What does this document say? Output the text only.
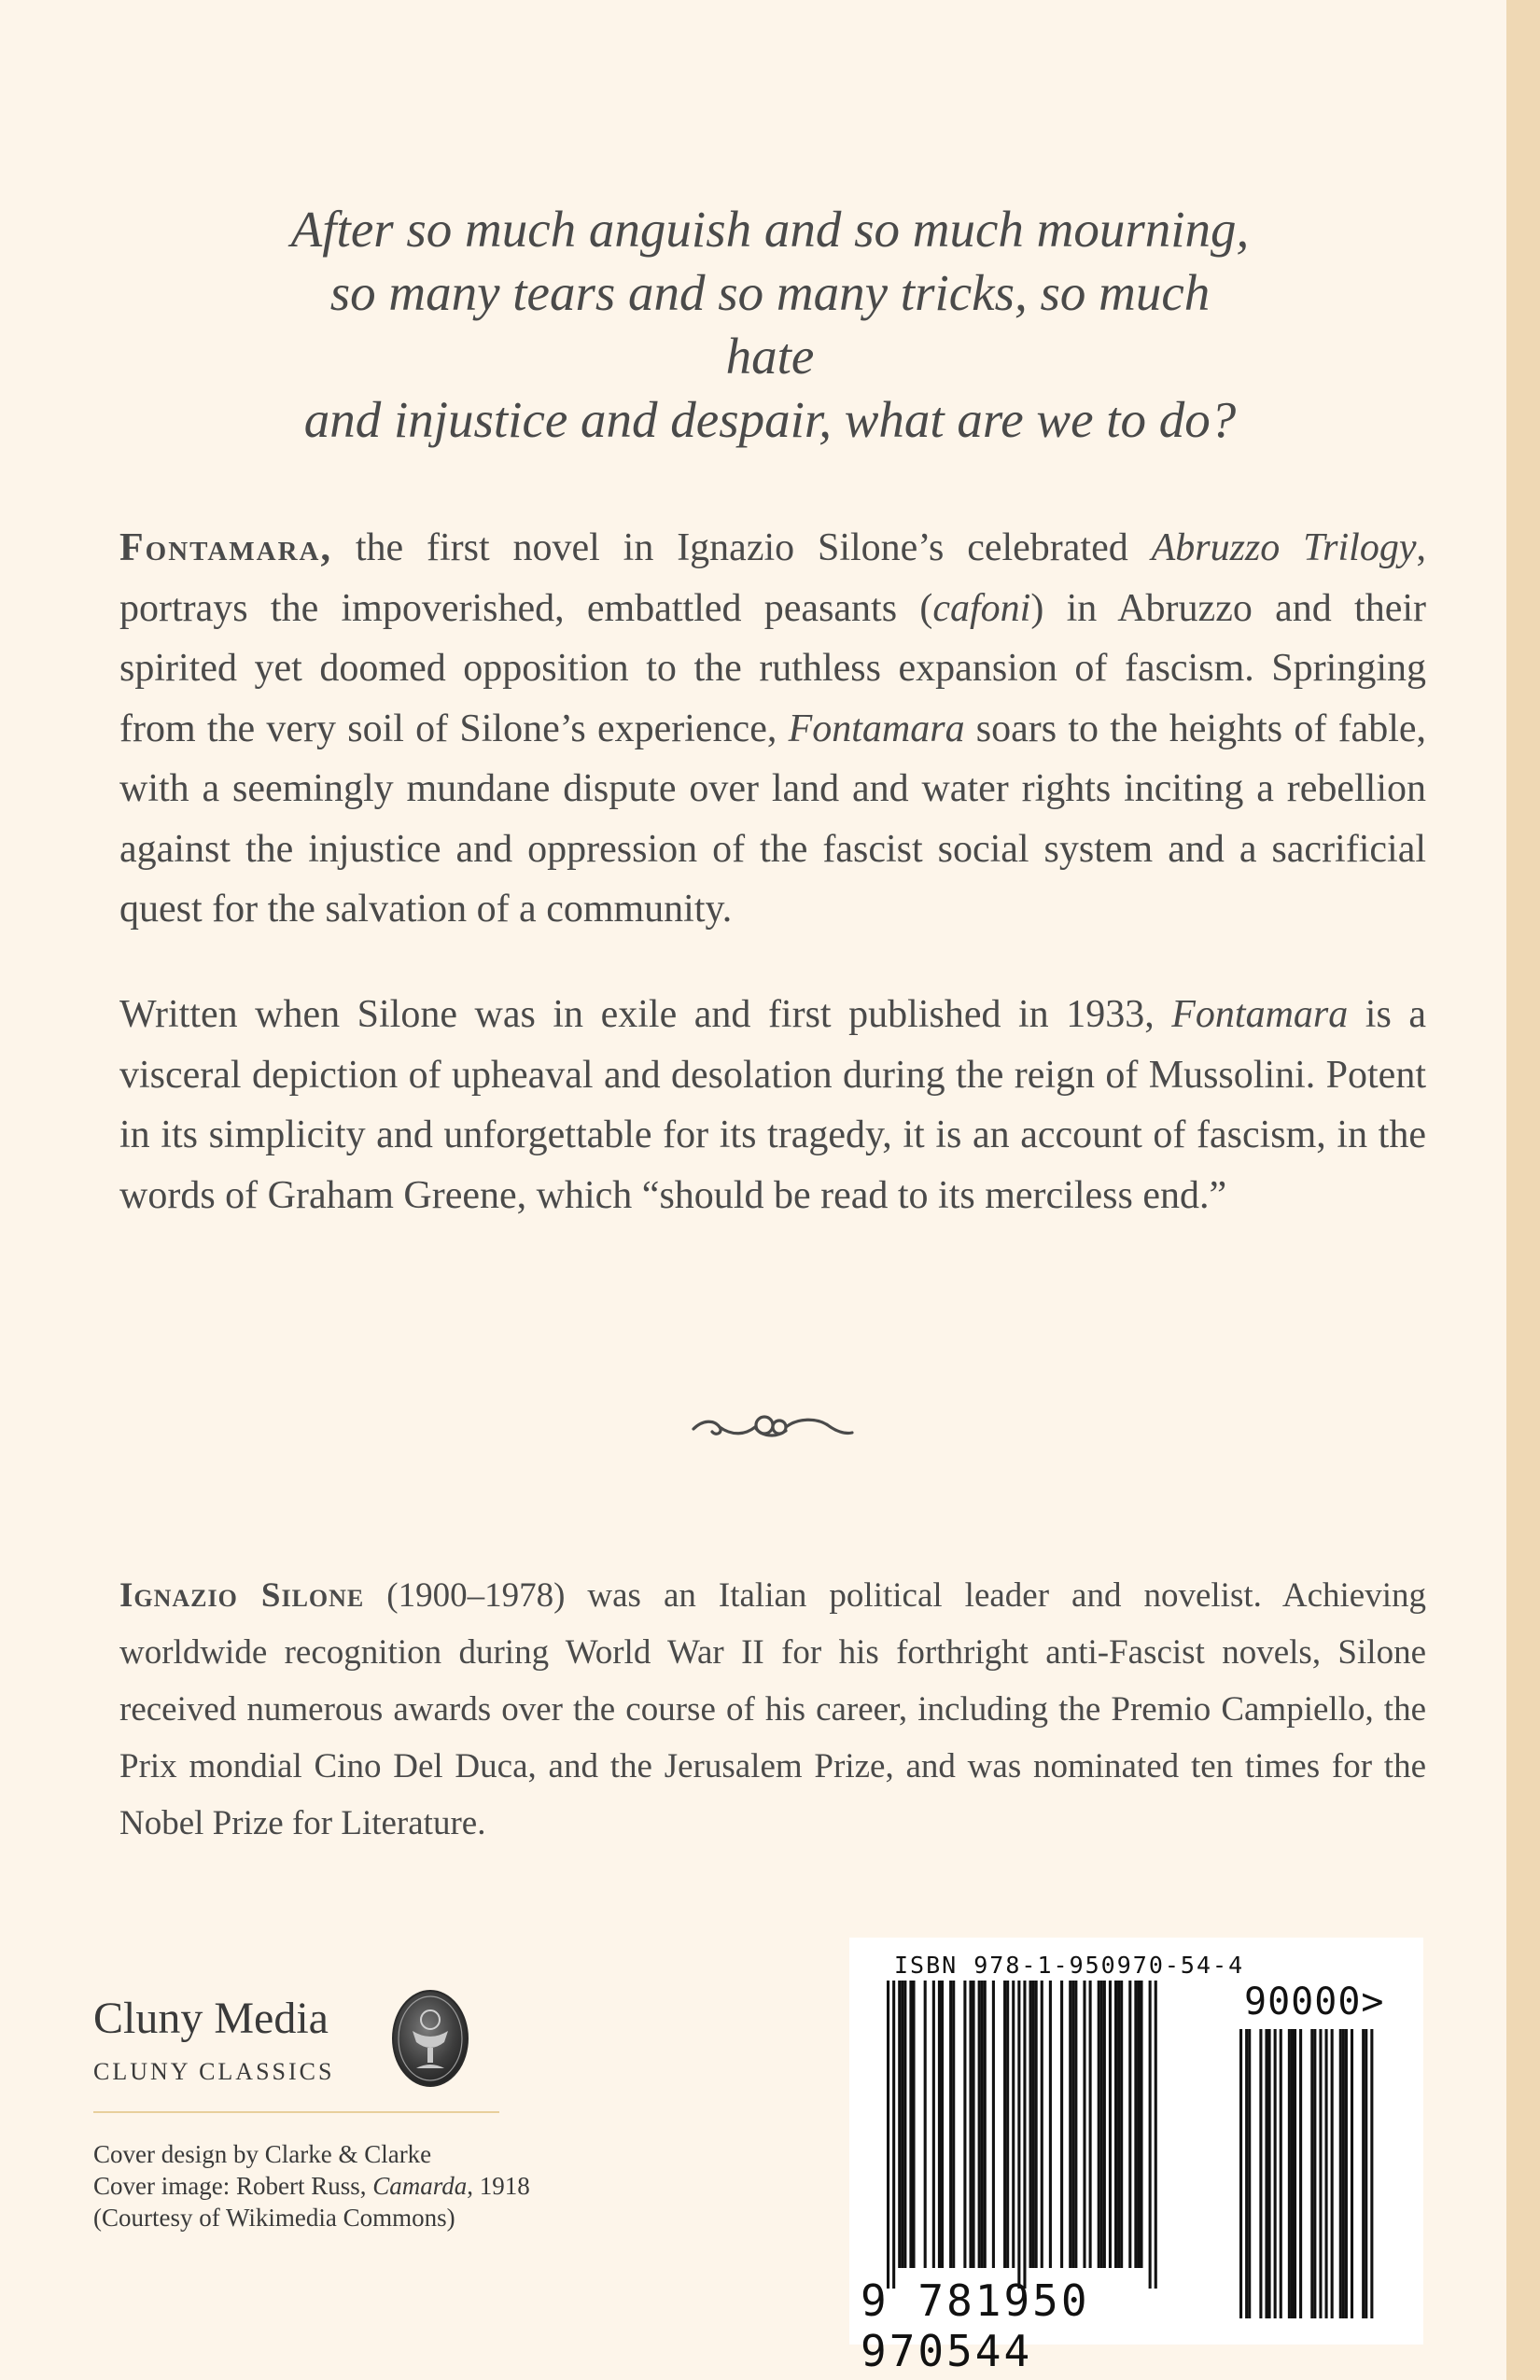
After so much anguish and so much mourning,
so many tears and so many tricks, so much hate
and injustice and despair, what are we to do?
Fontamara, the first novel in Ignazio Silone’s celebrated Abruzzo Trilogy, portrays the impoverished, embattled peasants (cafoni) in Abruzzo and their spirited yet doomed opposition to the ruthless expansion of fascism. Springing from the very soil of Silone’s experience, Fontamara soars to the heights of fable, with a seemingly mundane dispute over land and water rights inciting a rebellion against the injustice and oppression of the fascist social system and a sacrificial quest for the salvation of a community.
Written when Silone was in exile and first published in 1933, Fontamara is a visceral depiction of upheaval and desolation during the reign of Mussolini. Potent in its simplicity and unforgettable for its tragedy, it is an account of fascism, in the words of Graham Greene, which “should be read to its merciless end.”
Ignazio Silone (1900–1978) was an Italian political leader and novelist. Achieving worldwide recognition during World War II for his forthright anti-Fascist novels, Silone received numerous awards over the course of his career, including the Premio Campiello, the Prix mondial Cino Del Duca, and the Jerusalem Prize, and was nominated ten times for the Nobel Prize for Literature.
Cluny Media
CLUNY CLASSICS
Cover design by Clarke & Clarke
Cover image: Robert Russ, Camarda, 1918
(Courtesy of Wikimedia Commons)
ISBN 978-1-950970-54-4
90000>
9 781950 970544
